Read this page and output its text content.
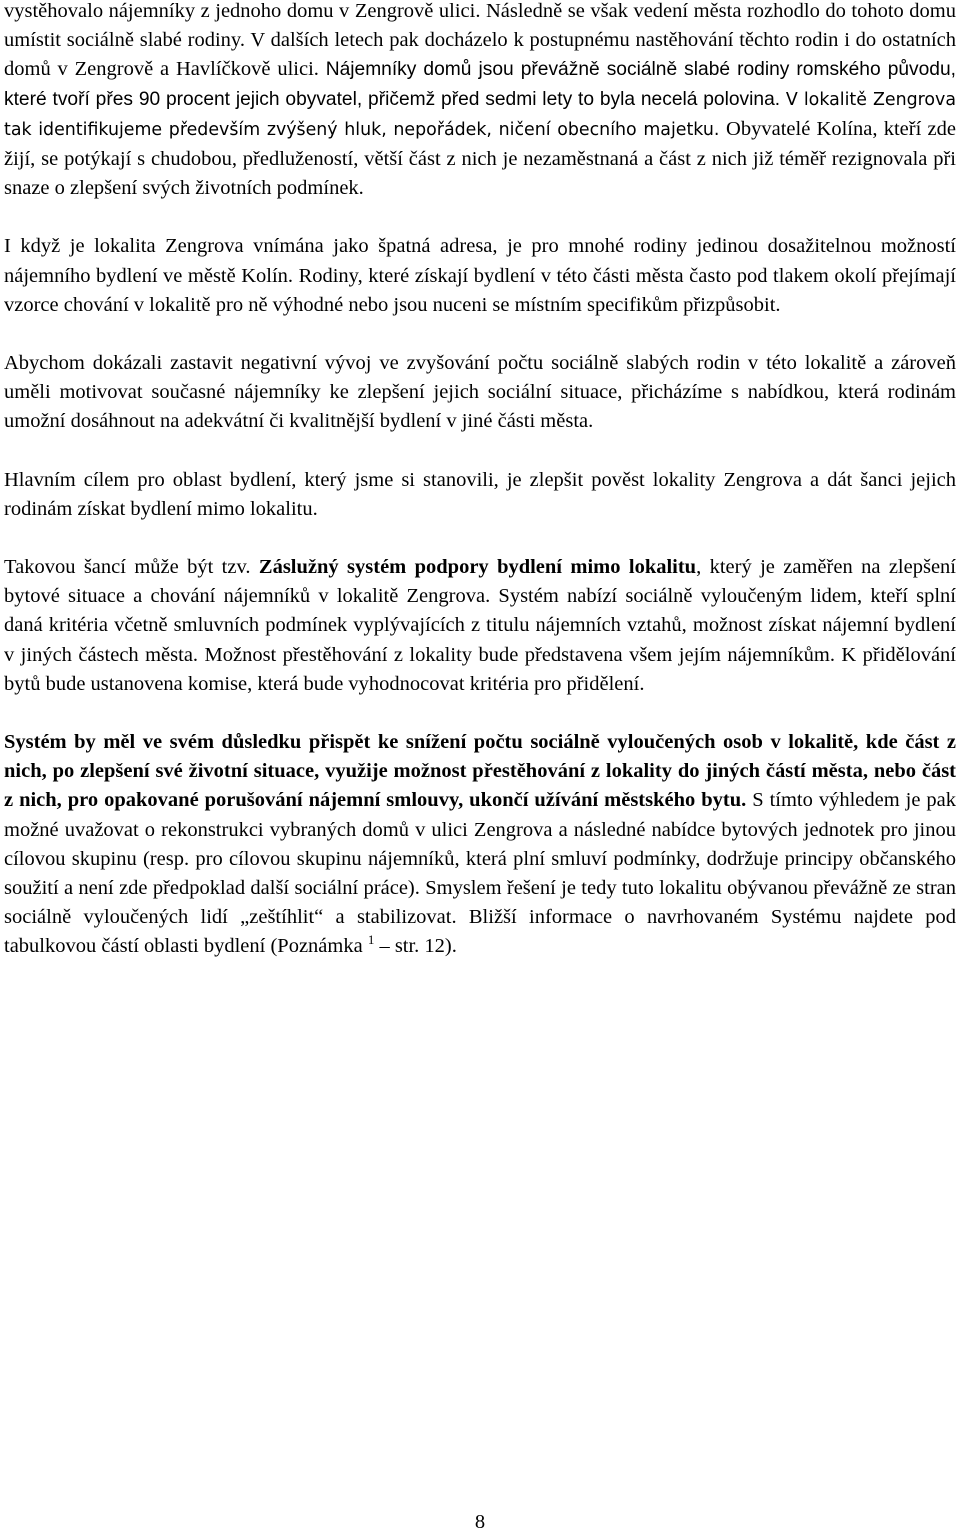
vystěhovalo nájemníky z jednoho domu v Zengrově ulici. Následně se však vedení města rozhodlo do tohoto domu umístit sociálně slabé rodiny. V dalších letech pak docházelo k postupnému nastěhování těchto rodin i do ostatních domů v Zengrově a Havlíčkově ulici. Nájemníky domů jsou převážně sociálně slabé rodiny romského původu, které tvoří přes 90 procent jejich obyvatel, přičemž před sedmi lety to byla necelá polovina. V lokalitě Zengrova tak identifikujeme především zvýšený hluk, nepořádek, ničení obecního majetku. Obyvatelé Kolína, kteří zde žijí, se potýkají s chudobou, předlužeností, větší část z nich je nezaměstnaná a část z nich již téměř rezignovala při snaze o zlepšení svých životních podmínek.

I když je lokalita Zengrova vnímána jako špatná adresa, je pro mnohé rodiny jedinou dosažitelnou možností nájemního bydlení ve městě Kolín. Rodiny, které získají bydlení v této části města často pod tlakem okolí přejímají vzorce chování v lokalitě pro ně výhodné nebo jsou nuceni se místním specifikům přizpůsobit.

Abychom dokázali zastavit negativní vývoj ve zvyšování počtu sociálně slabých rodin v této lokalitě a zároveň uměli motivovat současné nájemníky ke zlepšení jejich sociální situace, přicházíme s nabídkou, která rodinám umožní dosáhnout na adekvátní či kvalitnější bydlení v jiné části města.

Hlavním cílem pro oblast bydlení, který jsme si stanovili, je zlepšit pověst lokality Zengrova a dát šanci jejich rodinám získat bydlení mimo lokalitu.

Takovou šancí může být tzv. Záslužný systém podpory bydlení mimo lokalitu, který je zaměřen na zlepšení bytové situace a chování nájemníků v lokalitě Zengrova. Systém nabízí sociálně vyloučeným lidem, kteří splní daná kritéria včetně smluvních podmínek vyplývajících z titulu nájemních vztahů, možnost získat nájemní bydlení v jiných částech města. Možnost přestěhování z lokality bude představena všem jejím nájemníkům. K přidělování bytů bude ustanovena komise, která bude vyhodnocovat kritéria pro přidělení.

Systém by měl ve svém důsledku přispět ke snížení počtu sociálně vyloučených osob v lokalitě, kde část z nich, po zlepšení své životní situace, využije možnost přestěhování z lokality do jiných částí města, nebo část z nich, pro opakované porušování nájemní smlouvy, ukončí užívání městského bytu. S tímto výhledem je pak možné uvažovat o rekonstrukci vybraných domů v ulici Zengrova a následné nabídce bytových jednotek pro jinou cílovou skupinu (resp. pro cílovou skupinu nájemníků, která plní smluví podmínky, dodržuje principy občanského soužití a není zde předpoklad další sociální práce). Smyslem řešení je tedy tuto lokalitu obývanou převážně ze stran sociálně vyloučených lidí „zeštíhlit“ a stabilizovat. Bližší informace o navrhovaném Systému najdete pod tabulkovou částí oblasti bydlení (Poznámka $^1$ – str. 12).

8
